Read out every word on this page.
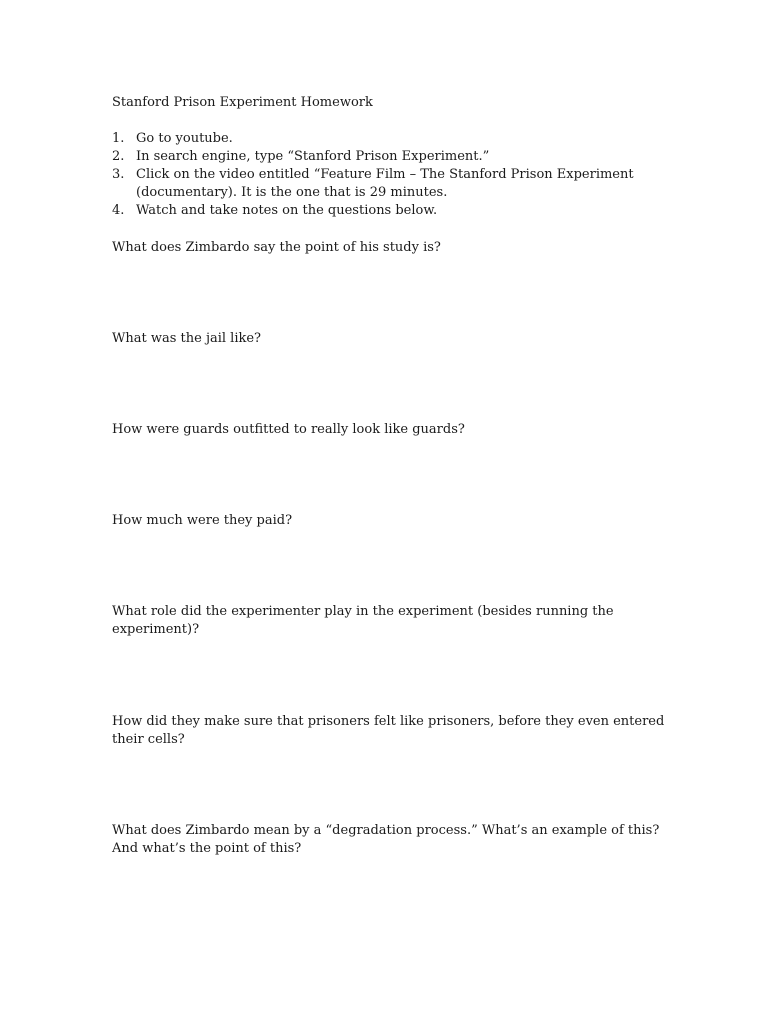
Stanford Prison Experiment Homework
1. Go to youtube.
2. In search engine, type “Stanford Prison Experiment.”
3. Click on the video entitled “Feature Film – The Stanford Prison Experiment (documentary). It is the one that is 29 minutes.
4. Watch and take notes on the questions below.
What does Zimbardo say the point of his study is?
What was the jail like?
How were guards outfitted to really look like guards?
How much were they paid?
What role did the experimenter play in the experiment (besides running the experiment)?
How did they make sure that prisoners felt like prisoners, before they even entered their cells?
What does Zimbardo mean by a “degradation process.” What’s an example of this? And what’s the point of this?
